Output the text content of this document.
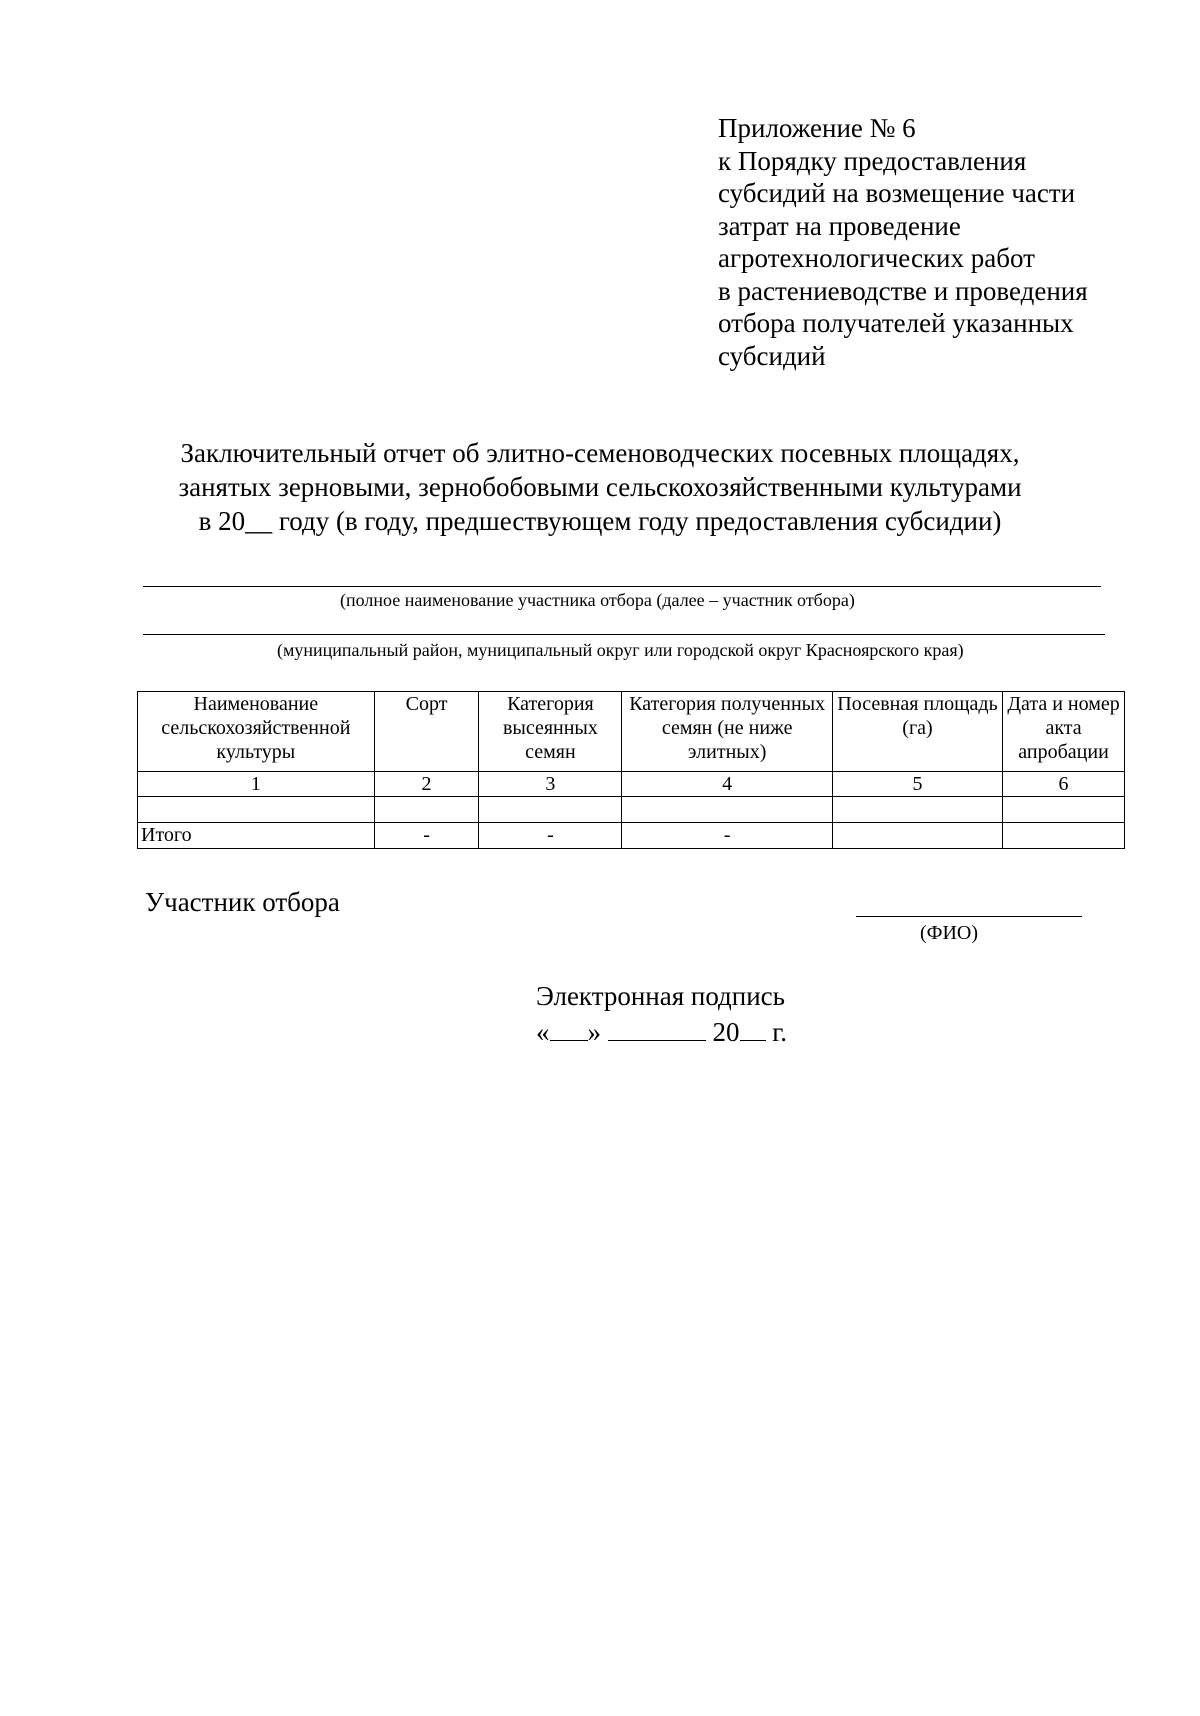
Приложение № 6
к Порядку предоставления
субсидий на возмещение части
затрат на проведение
агротехнологических работ
в растениеводстве и проведения
отбора получателей указанных
субсидий
Заключительный отчет об элитно-семеноводческих посевных площадях,
занятых зерновыми, зернобобовыми сельскохозяйственными культурами
в 20__ году (в году, предшествующем году предоставления субсидии)
(полное наименование участника отбора (далее – участник отбора)
(муниципальный район, муниципальный округ или городской округ Красноярского края)
Наименование сельскохозяйственной культуры	Сорт	Категория высеянных семян	Категория полученных семян (не ниже элитных)	Посевная площадь (га)	Дата и номер акта апробации
1	2	3	4	5	6

Итого	-	-	-		
Участник отбора
(ФИО)
Электронная подпись
« »	20 г.
